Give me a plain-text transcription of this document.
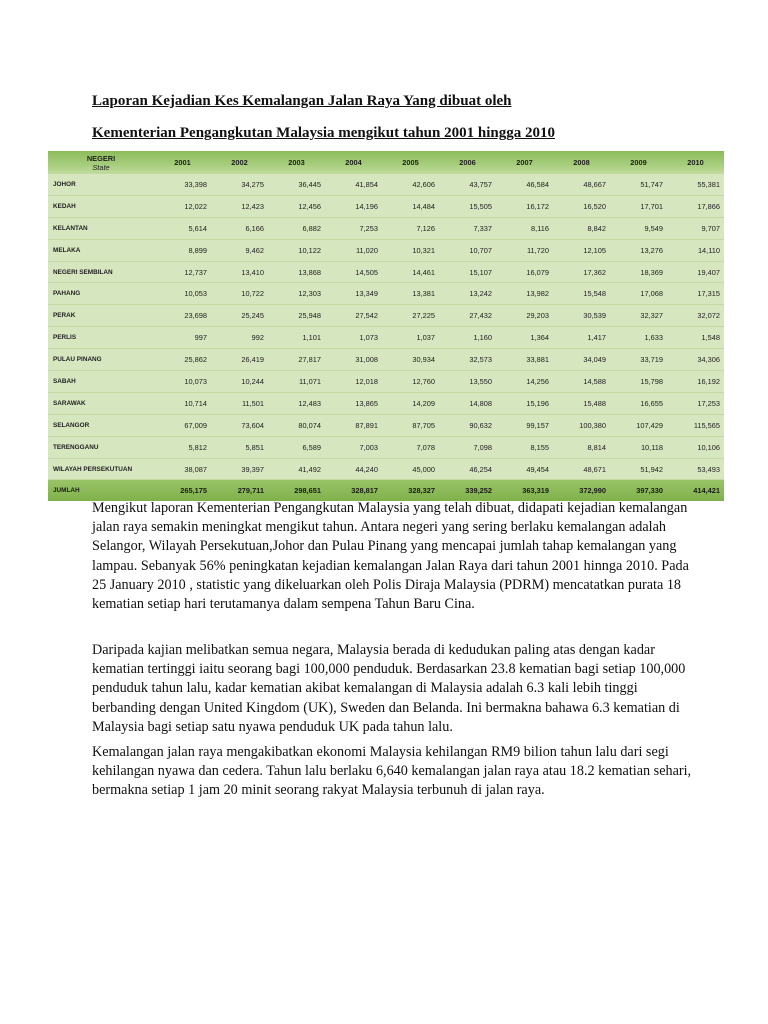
Laporan Kejadian Kes Kemalangan Jalan Raya Yang dibuat oleh
Kementerian Pengangkutan Malaysia mengikut tahun 2001 hingga 2010
NEGERI
State	2001	2002	2003	2004	2005	2006	2007	2008	2009	2010
JOHOR	33,398	34,275	36,445	41,854	42,606	43,757	46,584	48,667	51,747	55,381
KEDAH	12,022	12,423	12,456	14,196	14,484	15,505	16,172	16,520	17,701	17,866
KELANTAN	5,614	6,166	6,882	7,253	7,126	7,337	8,116	8,842	9,549	9,707
MELAKA	8,899	9,462	10,122	11,020	10,321	10,707	11,720	12,105	13,276	14,110
NEGERI SEMBILAN	12,737	13,410	13,868	14,505	14,461	15,107	16,079	17,362	18,369	19,407
PAHANG	10,053	10,722	12,303	13,349	13,381	13,242	13,982	15,548	17,068	17,315
PERAK	23,698	25,245	25,948	27,542	27,225	27,432	29,203	30,539	32,327	32,072
PERLIS	997	992	1,101	1,073	1,037	1,160	1,364	1,417	1,633	1,548
PULAU PINANG	25,862	26,419	27,817	31,008	30,934	32,573	33,881	34,049	33,719	34,306
SABAH	10,073	10,244	11,071	12,018	12,760	13,550	14,256	14,588	15,798	16,192
SARAWAK	10,714	11,501	12,483	13,865	14,209	14,808	15,196	15,488	16,655	17,253
SELANGOR	67,009	73,604	80,074	87,891	87,705	90,632	99,157	100,380	107,429	115,565
TERENGGANU	5,812	5,851	6,589	7,003	7,078	7,098	8,155	8,814	10,118	10,106
WILAYAH PERSEKUTUAN	38,087	39,397	41,492	44,240	45,000	46,254	49,454	48,671	51,942	53,493
JUMLAH	265,175	279,711	298,651	328,817	328,327	339,252	363,319	372,990	397,330	414,421

Mengikut laporan Kementerian Pengangkutan Malaysia yang telah dibuat, didapati kejadian kemalangan jalan raya semakin meningkat mengikut tahun. Antara negeri yang sering berlaku kemalangan adalah Selangor, Wilayah Persekutuan,Johor dan Pulau Pinang yang mencapai jumlah tahap kemalangan yang lampau. Sebanyak 56% peningkatan kejadian kemalangan Jalan Raya dari tahun 2001 hinnga 2010. Pada 25 January 2010 , statistic yang dikeluarkan oleh Polis Diraja Malaysia (PDRM) mencatatkan purata 18 kematian setiap hari terutamanya dalam sempena Tahun Baru Cina.

Daripada kajian melibatkan semua negara, Malaysia berada di kedudukan paling atas dengan kadar kematian tertinggi iaitu seorang bagi 100,000 penduduk. Berdasarkan 23.8 kematian bagi setiap 100,000 penduduk tahun lalu, kadar kematian akibat kemalangan di Malaysia adalah 6.3 kali lebih tinggi berbanding dengan United Kingdom (UK), Sweden dan Belanda. Ini bermakna bahawa 6.3 kematian di Malaysia bagi setiap satu nyawa penduduk UK pada tahun lalu.

Kemalangan jalan raya mengakibatkan ekonomi Malaysia kehilangan RM9 bilion tahun lalu dari segi kehilangan nyawa dan cedera. Tahun lalu berlaku 6,640 kemalangan jalan raya atau 18.2 kematian sehari, bermakna setiap 1 jam 20 minit seorang rakyat Malaysia terbunuh di jalan raya.
